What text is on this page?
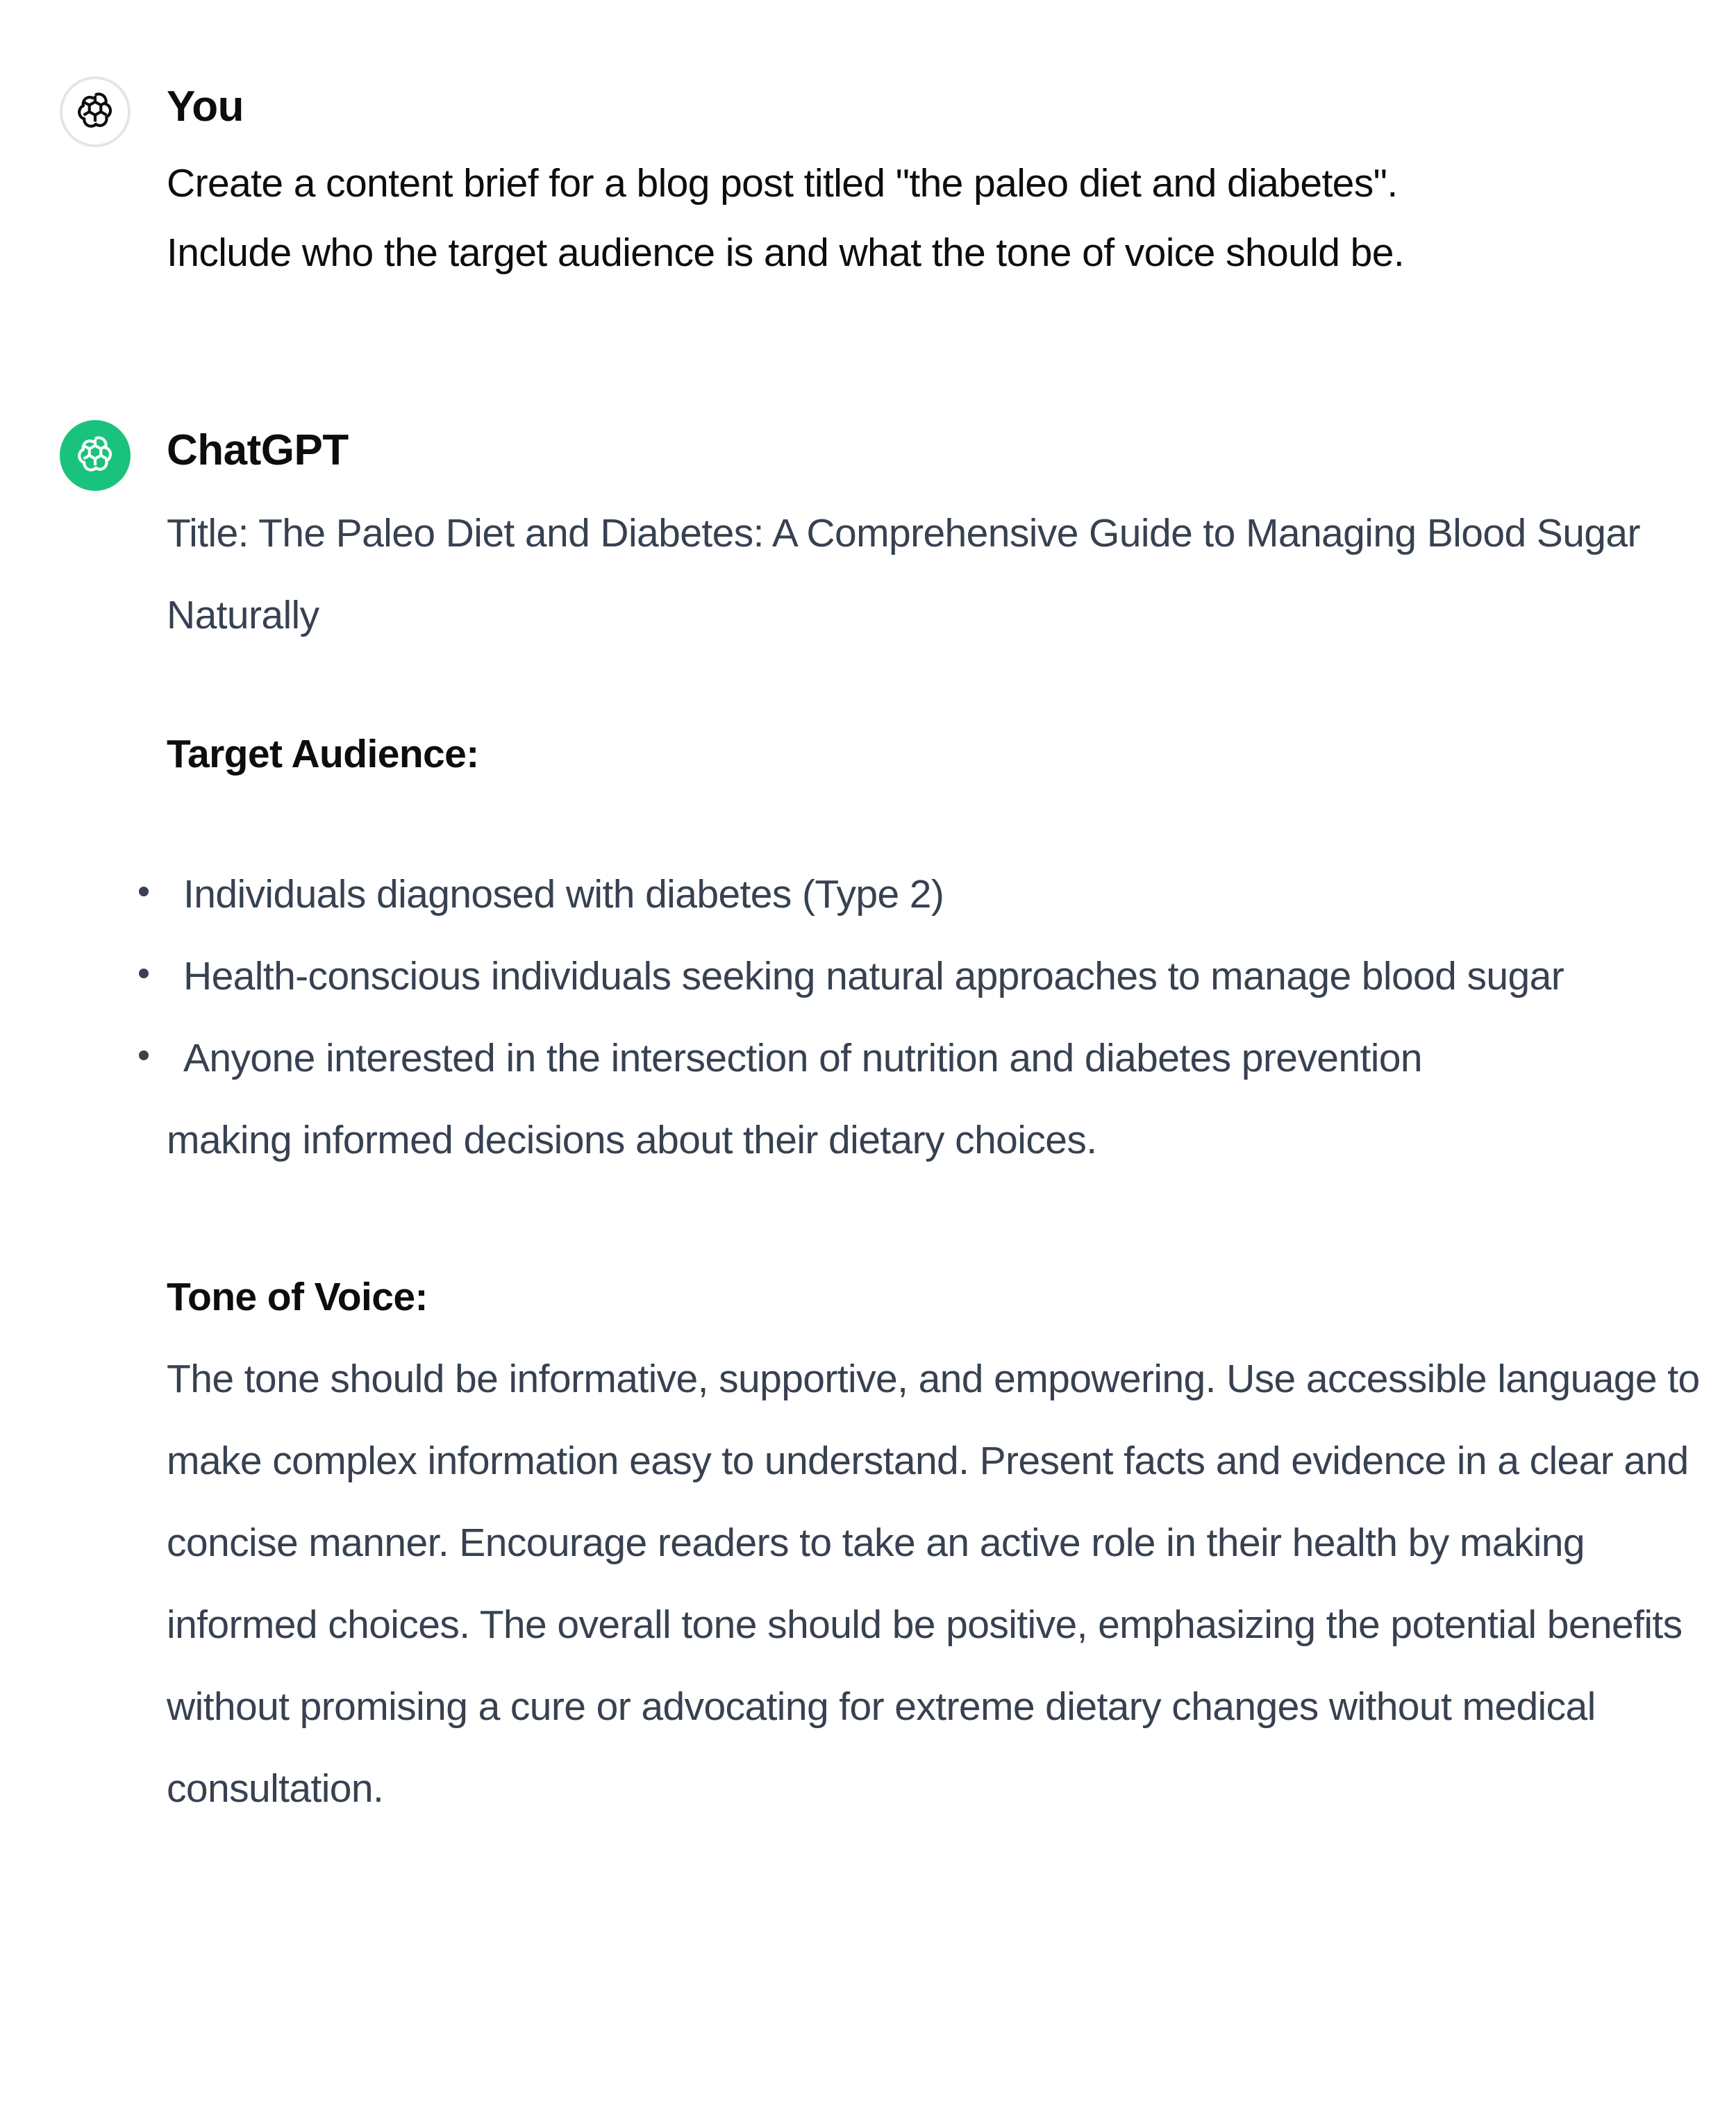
You
Create a content brief for a blog post titled "the paleo diet and diabetes".
Include who the target audience is and what the tone of voice should be.
ChatGPT

Title: The Paleo Diet and Diabetes: A Comprehensive Guide to Managing Blood Sugar Naturally

Target Audience:

Individuals diagnosed with diabetes (Type 2)
Health-conscious individuals seeking natural approaches to manage blood sugar
Anyone interested in the intersection of nutrition and diabetes prevention

making informed decisions about their dietary choices.

Tone of Voice:

The tone should be informative, supportive, and empowering. Use accessible language to make complex information easy to understand. Present facts and evidence in a clear and concise manner. Encourage readers to take an active role in their health by making informed choices. The overall tone should be positive, emphasizing the potential benefits without promising a cure or advocating for extreme dietary changes without medical consultation.
